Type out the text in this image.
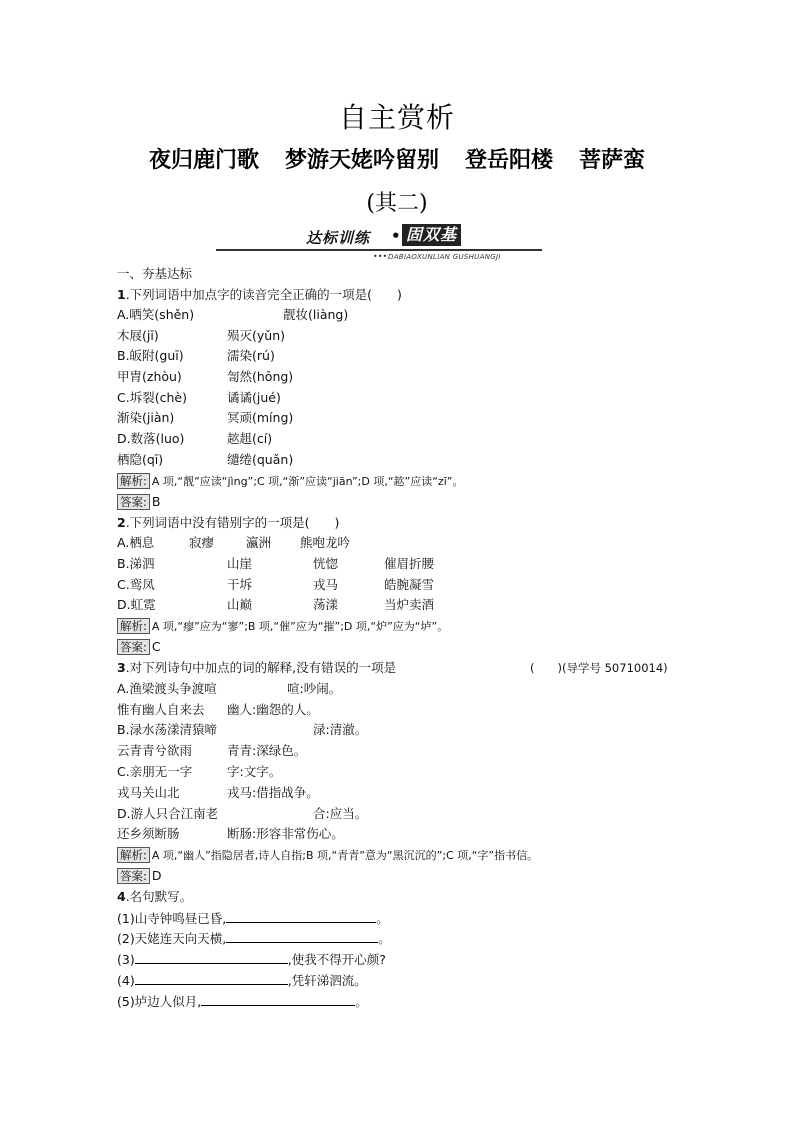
自主赏析
夜归鹿门歌 梦游天姥吟留别 登岳阳楼 菩萨蛮
(其二)
达标训练 • 固双基
••• DABIAOXUNLIAN GUSHUANGJI
一、夯基达标
1.下列词语中加点字的读音完全正确的一项是(　　)
A.哂笑(shěn)	靓妆(liàng)
木屐(jī)	殒灭(yǔn)
B.皈附(guī)	濡染(rú)
甲胄(zhòu)	訇然(hōng)
C.坼裂(chè)	谲谲(jué)
渐染(jiàn)	冥顽(míng)
D.数落(luo)	趑趄(cí)
栖隐(qī)	缱绻(quǎn)
解析: A 项,“靓”应读“jìng”;C 项,“渐”应读“jiān”;D 项,“趑”应读“zī”。
答案: B
2.下列词语中没有错别字的一项是(　　)
A.栖息	寂瘳	瀛洲 熊咆龙吟
B.涕泗	山崖	恍惚	催眉折腰
C.鸾凤	干坼	戎马	皓腕凝雪
D.虹霓	山巅	荡漾	当炉卖酒
解析: A 项,“瘳”应为“寥”;B 项,“催”应为“摧”;D 项,“炉”应为“垆”。
答案: C
3.对下列诗句中加点的词的解释,没有错误的一项是	(　　)(导学号 50710014)
A.渔梁渡头争渡喧	喧:吵闹。
惟有幽人自来去 幽人:幽怨的人。
B.渌水荡漾清猿啼	渌:清澈。
云青青兮欲雨	青青:深绿色。
C.亲朋无一字	字:文字。
戎马关山北	戎马:借指战争。
D.游人只合江南老	合:应当。
还乡须断肠	断肠:形容非常伤心。
解析: A 项,“幽人”指隐居者,诗人自指;B 项,“青青”意为“黑沉沉的”;C 项,“字”指书信。
答案: D
4.名句默写。
(1)山寺钟鸣昼已昏,	。
(2)天姥连天向天横,	。
(3)	,使我不得开心颜?
(4)	,凭轩涕泗流。
(5)垆边人似月,	。
